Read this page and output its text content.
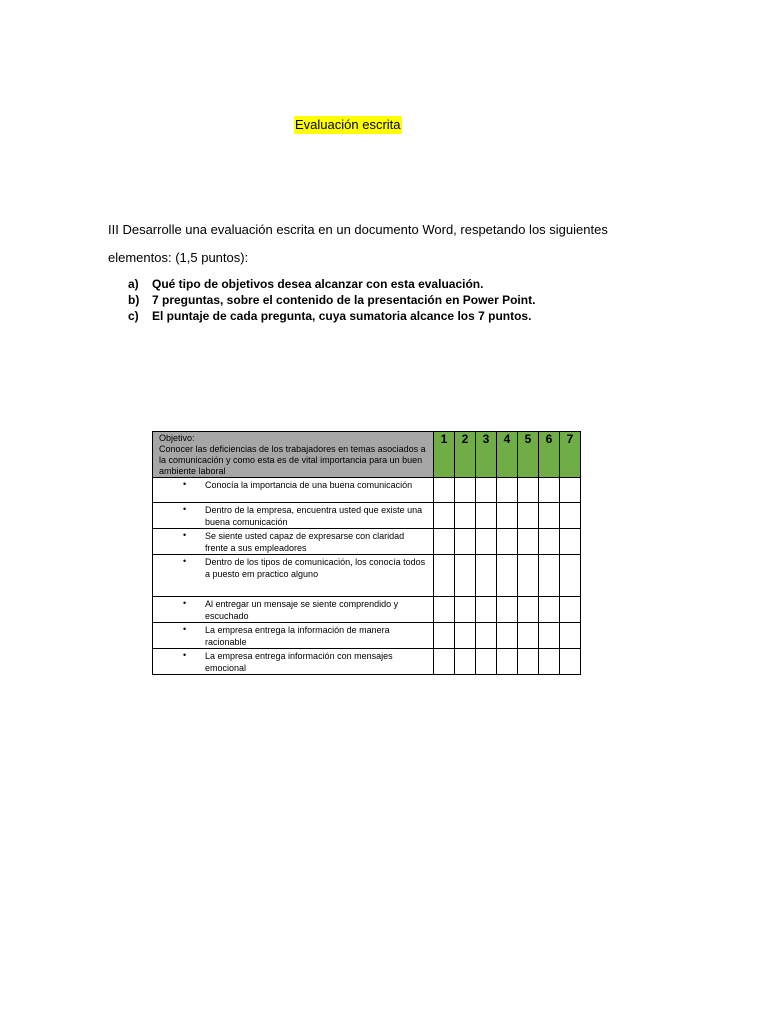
Evaluación escrita
III Desarrolle una evaluación escrita en un documento Word, respetando los siguientes
elementos: (1,5 puntos):
a)	Qué tipo de objetivos desea alcanzar con esta evaluación.
b)	7 preguntas, sobre el contenido de la presentación en Power Point.
c)	El puntaje de cada pregunta, cuya sumatoria alcance los 7 puntos.
Objetivo:
Conocer las deficiencias de los trabajadores en temas asociados a la comunicación y como esta es de vital importancia para un buen ambiente laboral	1	2	3	4	5	6	7

• Conocía la importancia de una buena comunicación							

• Dentro de la empresa, encuentra usted que existe una buena comunicación							

• Se siente usted capaz de expresarse con claridad frente a sus empleadores							

• Dentro de los tipos de comunicación, los conocía todos a puesto em practico alguno							

• Al entregar un mensaje se siente comprendido y escuchado							

• La empresa entrega la información de manera racionable							

• La empresa entrega información con mensajes emocional							
